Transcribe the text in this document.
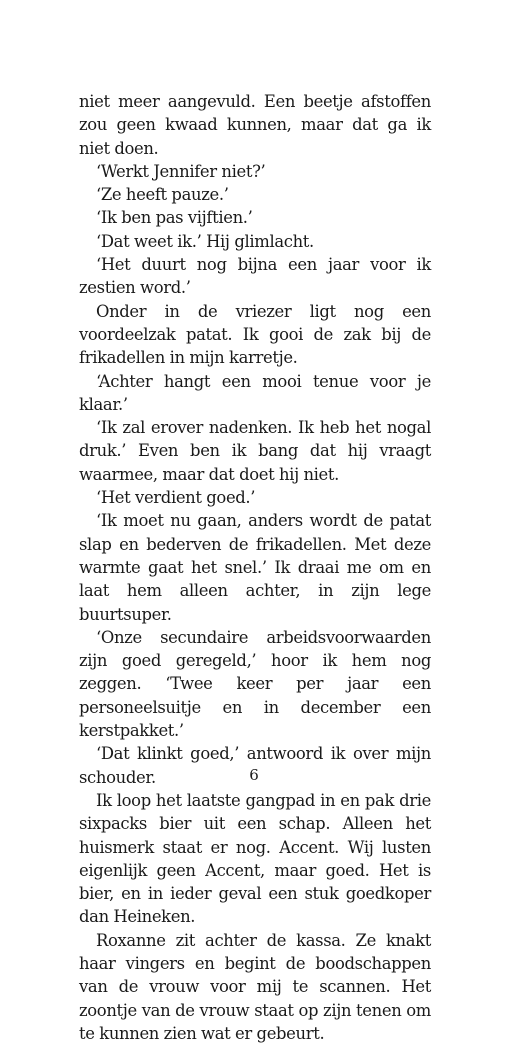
niet meer aangevuld. Een beetje afstoffen zou geen kwaad kunnen, maar dat ga ik niet doen.

‘Werkt Jennifer niet?’

‘Ze heeft pauze.’

‘Ik ben pas vijftien.’

‘Dat weet ik.’ Hij glimlacht.

‘Het duurt nog bijna een jaar voor ik zestien word.’

Onder in de vriezer ligt nog een voordeelzak patat. Ik gooi de zak bij de frikadellen in mijn karretje.

‘Achter hangt een mooi tenue voor je klaar.’

‘Ik zal erover nadenken. Ik heb het nogal druk.’ Even ben ik bang dat hij vraagt waarmee, maar dat doet hij niet.

‘Het verdient goed.’

‘Ik moet nu gaan, anders wordt de patat slap en bederven de frikadellen. Met deze warmte gaat het snel.’ Ik draai me om en laat hem alleen achter, in zijn lege buurtsuper.

‘Onze secundaire arbeidsvoorwaarden zijn goed geregeld,’ hoor ik hem nog zeggen. ‘Twee keer per jaar een personeelsuitje en in december een kerstpakket.’

‘Dat klinkt goed,’ antwoord ik over mijn schouder.

Ik loop het laatste gangpad in en pak drie sixpacks bier uit een schap. Alleen het huismerk staat er nog. Accent. Wij lusten eigenlijk geen Accent, maar goed. Het is bier, en in ieder geval een stuk goedkoper dan Heineken.

Roxanne zit achter de kassa. Ze knakt haar vingers en begint de boodschappen van de vrouw voor mij te scannen. Het zoontje van de vrouw staat op zijn tenen om te kunnen zien wat er gebeurt.

6
